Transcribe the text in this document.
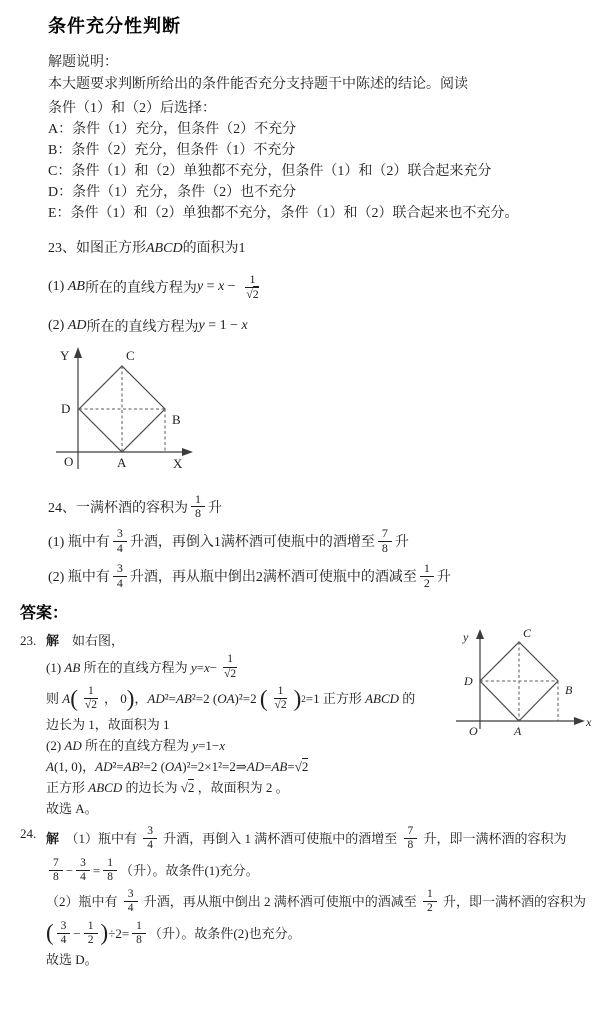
条件充分性判断

解题说明：

本大题要求判断所给出的条件能否充分支持题干中陈述的结论。阅读

条件（1）和（2）后选择：

A：条件（1）充分，但条件（2）不充分

B：条件（2）充分，但条件（1）不充分

C：条件（1）和（2）单独都不充分，但条件（1）和（2）联合起来充分

D：条件（1）充分，条件（2）也不充分

E：条件（1）和（2）单独都不充分，条件（1）和（2）联合起来也不充分。

23、如图正方形 ABCD 的面积为1

(1) AB 所在的直线方程为 $y = x - \frac{1}{√2}$

(2) AD 所在的直线方程为 y = 1 − x

Y	C
D
B
O	A	X

24、一满杯酒的容积为 $\frac{1}{8}$ 升

(1) 瓶中有 $\frac{3}{4}$ 升酒，再倒入1满杯酒可使瓶中的酒增至 $\frac{7}{8}$ 升

(2) 瓶中有 $\frac{3}{4}$ 升酒，再从瓶中倒出2满杯酒可使瓶中的酒减至 $\frac{1}{2}$ 升

答案：
23. 解 　如右图，

(1) AB 所在的直线方程为 $y = x - \frac{1}{√2}$

则 A ( $\frac{1}{√2}$ ， 0 ) ， AD ²= AB ²=2 ( OA )²=2 ( $\frac{1}{√2}$ ) 2 =1 正方形 ABCD 的

边长为 1，故面积为 1

(2) AD 所在的直线方程为 y =1− x

A (1, 0)， AD ²= AB ²=2 ( OA )²=2×1²=2⇒ AD = AB =√2

正方形 ABCD 的边长为 √2 ，故面积为 2 。

故选 A。

y	C
D
B
O	A
x
24. 解 　（1）瓶中有 $\frac{3}{4}$ 升酒，再倒入 1 满杯酒可使瓶中的酒增至 $\frac{7}{8}$ 升，即一满杯酒的容积为

$\frac{7}{8} - \frac{3}{4} = \frac{1}{8}$ （升）。故条件(1)充分。

（2）瓶中有 $\frac{3}{4}$ 升酒，再从瓶中倒出 2 满杯酒可使瓶中的酒减至 $\frac{1}{2}$ 升，即一满杯酒的容积为

( $\frac{3}{4} - \frac{1}{2}$ ) $\div 2= \frac{1}{8}$ （升）。故条件(2)也充分。

故选 D。
